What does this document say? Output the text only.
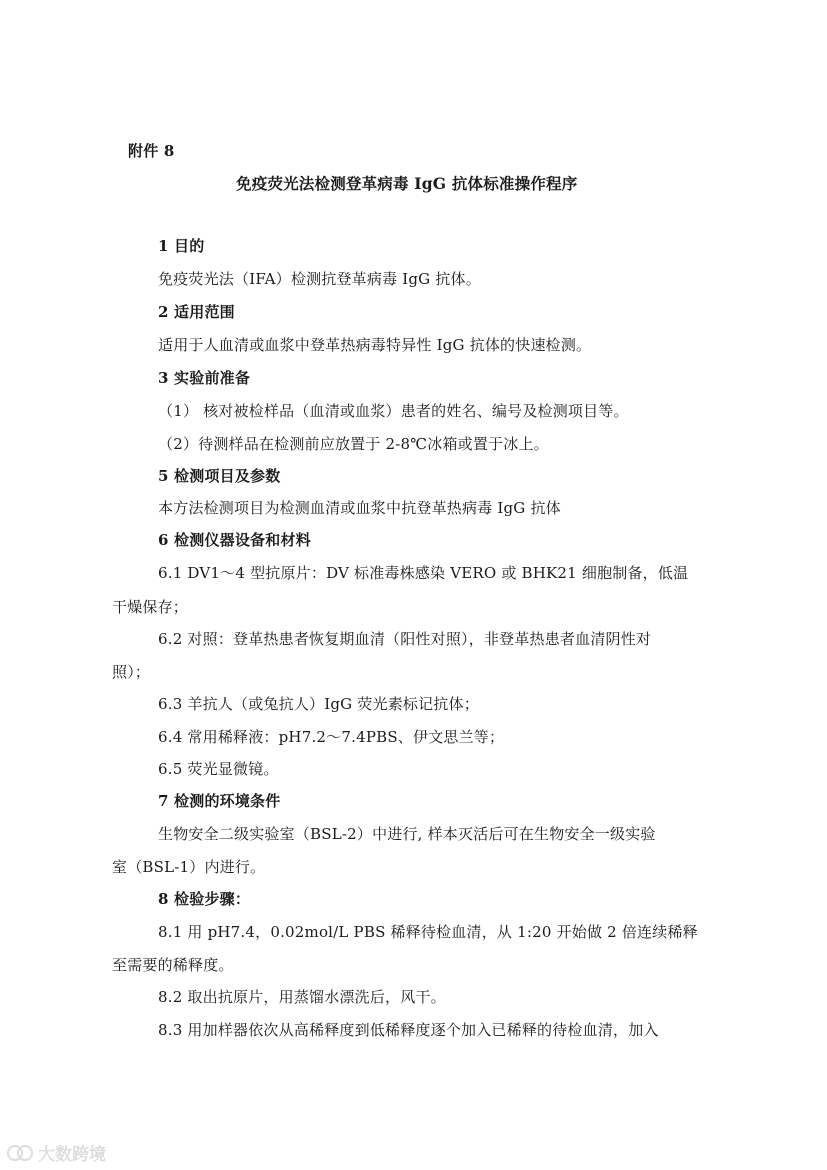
附件 8
免疫荧光法检测登革病毒 IgG 抗体标准操作程序
1 目的
免疫荧光法（IFA）检测抗登革病毒 IgG 抗体。
2 适用范围
适用于人血清或血浆中登革热病毒特异性 IgG 抗体的快速检测。
3 实验前准备
（1） 核对被检样品（血清或血浆）患者的姓名、编号及检测项目等。
（2）待测样品在检测前应放置于 2-8℃冰箱或置于冰上。
5 检测项目及参数
本方法检测项目为检测血清或血浆中抗登革热病毒 IgG 抗体
6 检测仪器设备和材料
6.1 DV1～4 型抗原片：DV 标准毒株感染 VERO 或 BHK21 细胞制备，低温
干燥保存；
6.2 对照：登革热患者恢复期血清（阳性对照），非登革热患者血清阴性对
照）；
6.3 羊抗人（或兔抗人）IgG 荧光素标记抗体；
6.4 常用稀释液：pH7.2～7.4PBS、伊文思兰等；
6.5 荧光显微镜。
7 检测的环境条件
生物安全二级实验室（BSL-2）中进行, 样本灭活后可在生物安全一级实验
室（BSL-1）内进行。
8 检验步骤：
8.1 用 pH7.4，0.02mol/L PBS 稀释待检血清，从 1:20 开始做 2 倍连续稀释
至需要的稀释度。
8.2 取出抗原片，用蒸馏水漂洗后，风干。
8.3 用加样器依次从高稀释度到低稀释度逐个加入已稀释的待检血清，加入
大数跨境
